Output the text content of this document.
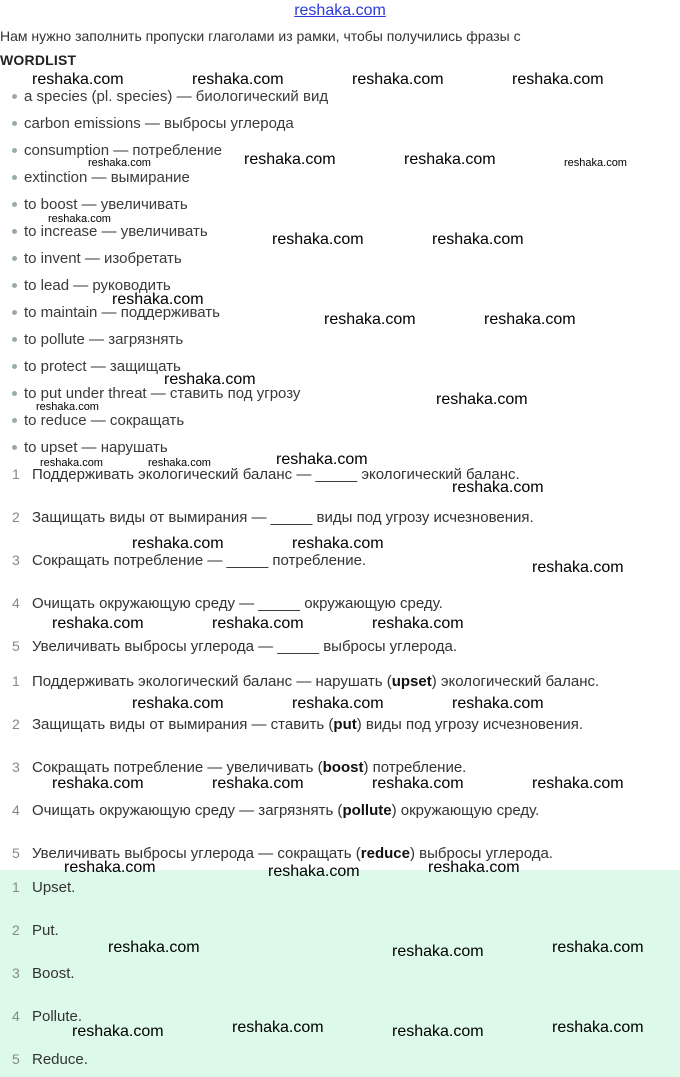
reshaka.com
Нам нужно заполнить пропуски глаголами из рамки, чтобы получились фразы с
WORDLIST
a species (pl. species) — биологический вид
carbon emissions — выбросы углерода
consumption — потребление
extinction — вымирание
to boost — увеличивать
to increase — увеличивать
to invent — изобретать
to lead — руководить
to maintain — поддерживать
to pollute — загрязнять
to protect — защищать
to put under threat — ставить под угрозу
to reduce — сокращать
to upset — нарушать
1 Поддерживать экологический баланс — _____ экологический баланс.
2 Защищать виды от вымирания — _____ виды под угрозу исчезновения.
3 Сокращать потребление — _____ потребление.
4 Очищать окружающую среду — _____ окружающую среду.
5 Увеличивать выбросы углерода — _____ выбросы углерода.
1 Поддерживать экологический баланс — нарушать (upset) экологический баланс.
2 Защищать виды от вымирания — ставить (put) виды под угрозу исчезновения.
3 Сокращать потребление — увеличивать (boost) потребление.
4 Очищать окружающую среду — загрязнять (pollute) окружающую среду.
5 Увеличивать выбросы углерода — сокращать (reduce) выбросы углерода.
1 Upset.
2 Put.
3 Boost.
4 Pollute.
5 Reduce.
reshaka.com	reshaka.com	reshaka.com	reshaka.com
reshaka.com	reshaka.com	reshaka.com	reshaka.com
reshaka.com
reshaka.com	reshaka.com
reshaka.com
reshaka.com	reshaka.com
reshaka.com
reshaka.com
reshaka.com
reshaka.com	reshaka.com	reshaka.com
reshaka.com
reshaka.com	reshaka.com
reshaka.com
reshaka.com	reshaka.com	reshaka.com
reshaka.com	reshaka.com	reshaka.com
reshaka.com	reshaka.com	reshaka.com	reshaka.com
reshaka.com	reshaka.com	reshaka.com
reshaka.com	reshaka.com	reshaka.com
reshaka.com	reshaka.com	reshaka.com	reshaka.com
